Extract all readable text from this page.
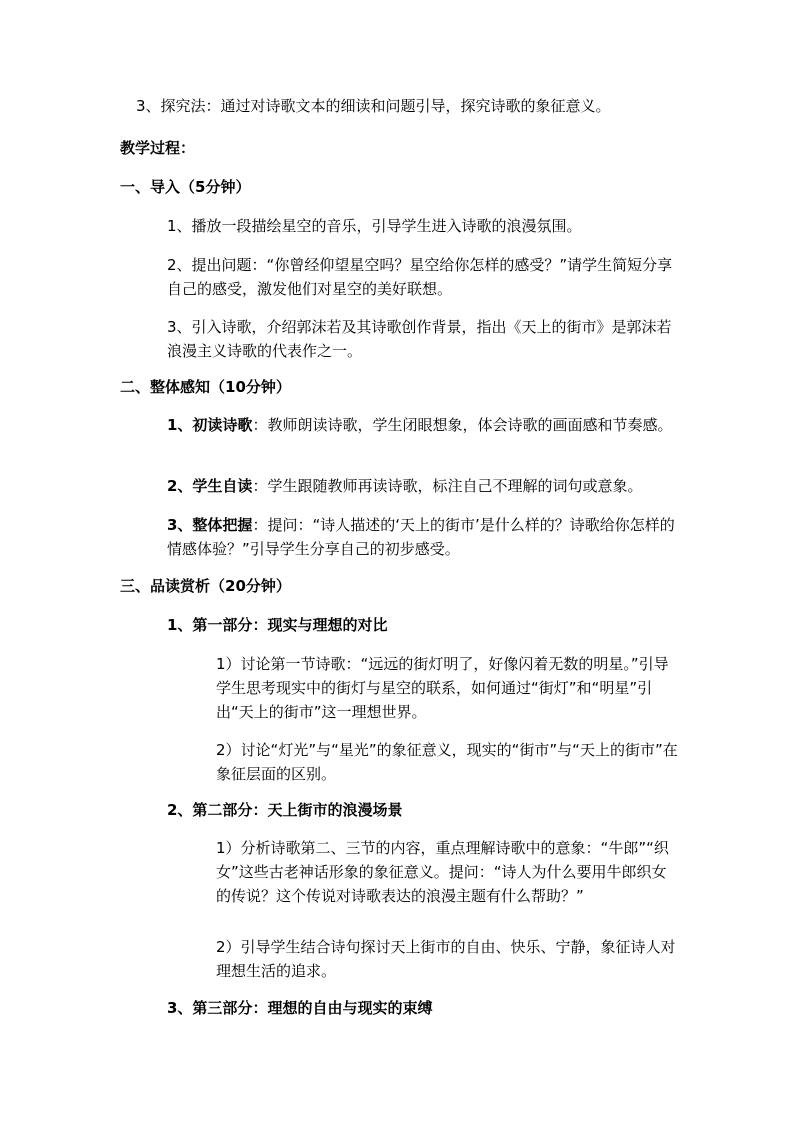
3、探究法：通过对诗歌文本的细读和问题引导，探究诗歌的象征意义。
教学过程：
一、导入（5分钟）
1、播放一段描绘星空的音乐，引导学生进入诗歌的浪漫氛围。
2、提出问题：“你曾经仰望星空吗？星空给你怎样的感受？”请学生简短分享自己的感受，激发他们对星空的美好联想。
3、引入诗歌，介绍郭沫若及其诗歌创作背景，指出《天上的街市》是郭沫若浪漫主义诗歌的代表作之一。
二、整体感知（10分钟）
1、初读诗歌：教师朗读诗歌，学生闭眼想象，体会诗歌的画面感和节奏感。
2、学生自读：学生跟随教师再读诗歌，标注自己不理解的词句或意象。
3、整体把握：提问：“诗人描述的‘天上的街市’是什么样的？诗歌给你怎样的情感体验？”引导学生分享自己的初步感受。
三、品读赏析（20分钟）
1、第一部分：现实与理想的对比
1）讨论第一节诗歌：“远远的街灯明了，好像闪着无数的明星。”引导学生思考现实中的街灯与星空的联系，如何通过“街灯”和“明星”引出“天上的街市”这一理想世界。
2）讨论“灯光”与“星光”的象征意义，现实的“街市”与“天上的街市”在象征层面的区别。
2、第二部分：天上街市的浪漫场景
1）分析诗歌第二、三节的内容，重点理解诗歌中的意象：“牛郎”“织女”这些古老神话形象的象征意义。提问：“诗人为什么要用牛郎织女的传说？这个传说对诗歌表达的浪漫主题有什么帮助？”
2）引导学生结合诗句探讨天上街市的自由、快乐、宁静，象征诗人对理想生活的追求。
3、第三部分：理想的自由与现实的束缚
